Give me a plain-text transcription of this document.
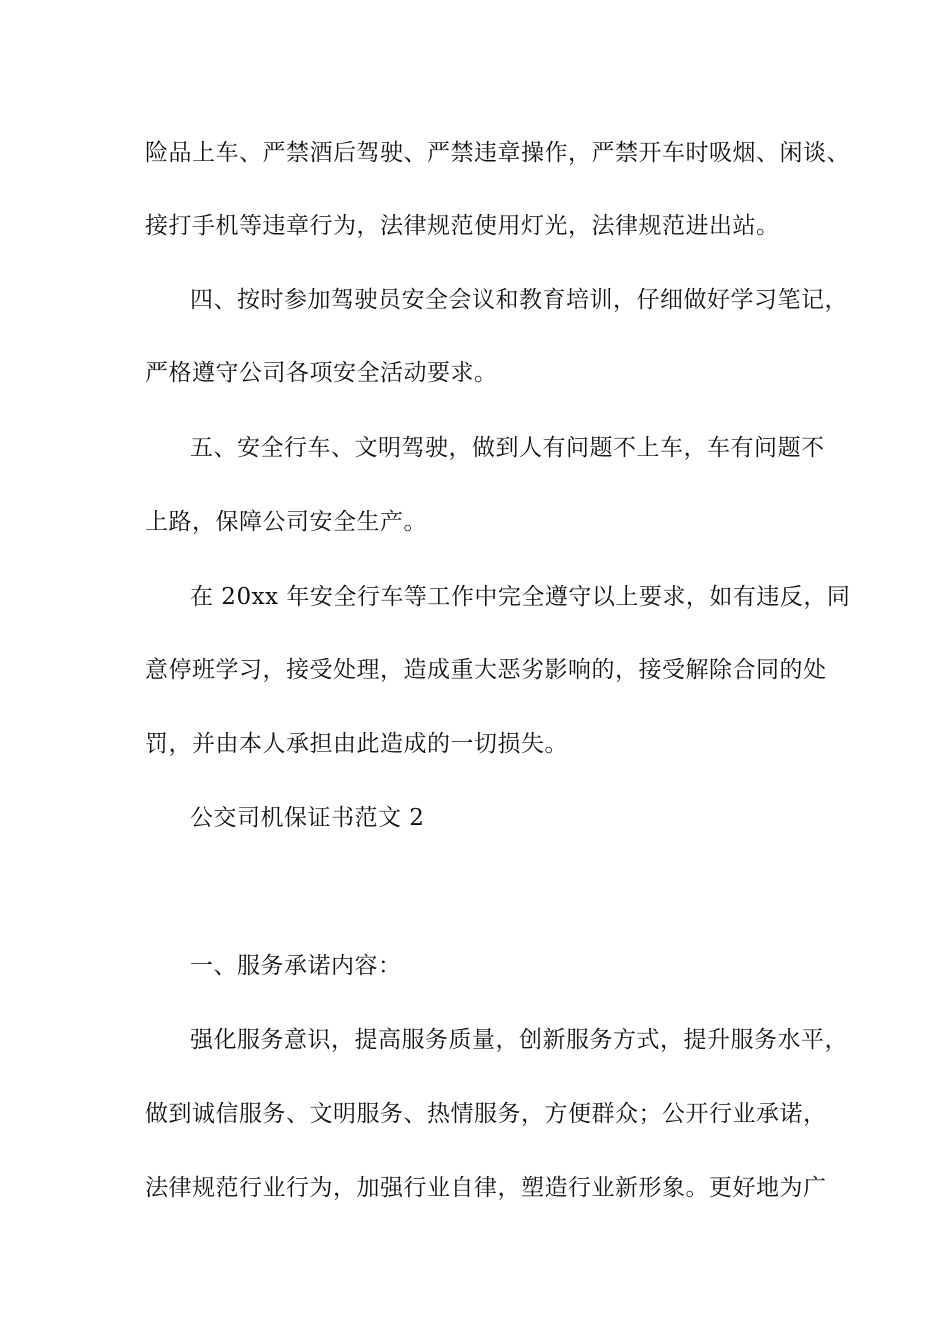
险品上车、严禁酒后驾驶、严禁违章操作，严禁开车时吸烟、闲谈、
接打手机等违章行为，法律规范使用灯光，法律规范进出站。
四、按时参加驾驶员安全会议和教育培训，仔细做好学习笔记，
严格遵守公司各项安全活动要求。
五、安全行车、文明驾驶，做到人有问题不上车，车有问题不
上路，保障公司安全生产。
在 20xx 年安全行车等工作中完全遵守以上要求，如有违反，同
意停班学习，接受处理，造成重大恶劣影响的，接受解除合同的处
罚，并由本人承担由此造成的一切损失。
公交司机保证书范文 2
一、服务承诺内容：
强化服务意识，提高服务质量，创新服务方式，提升服务水平，
做到诚信服务、文明服务、热情服务，方便群众；公开行业承诺，
法律规范行业行为，加强行业自律，塑造行业新形象。更好地为广
